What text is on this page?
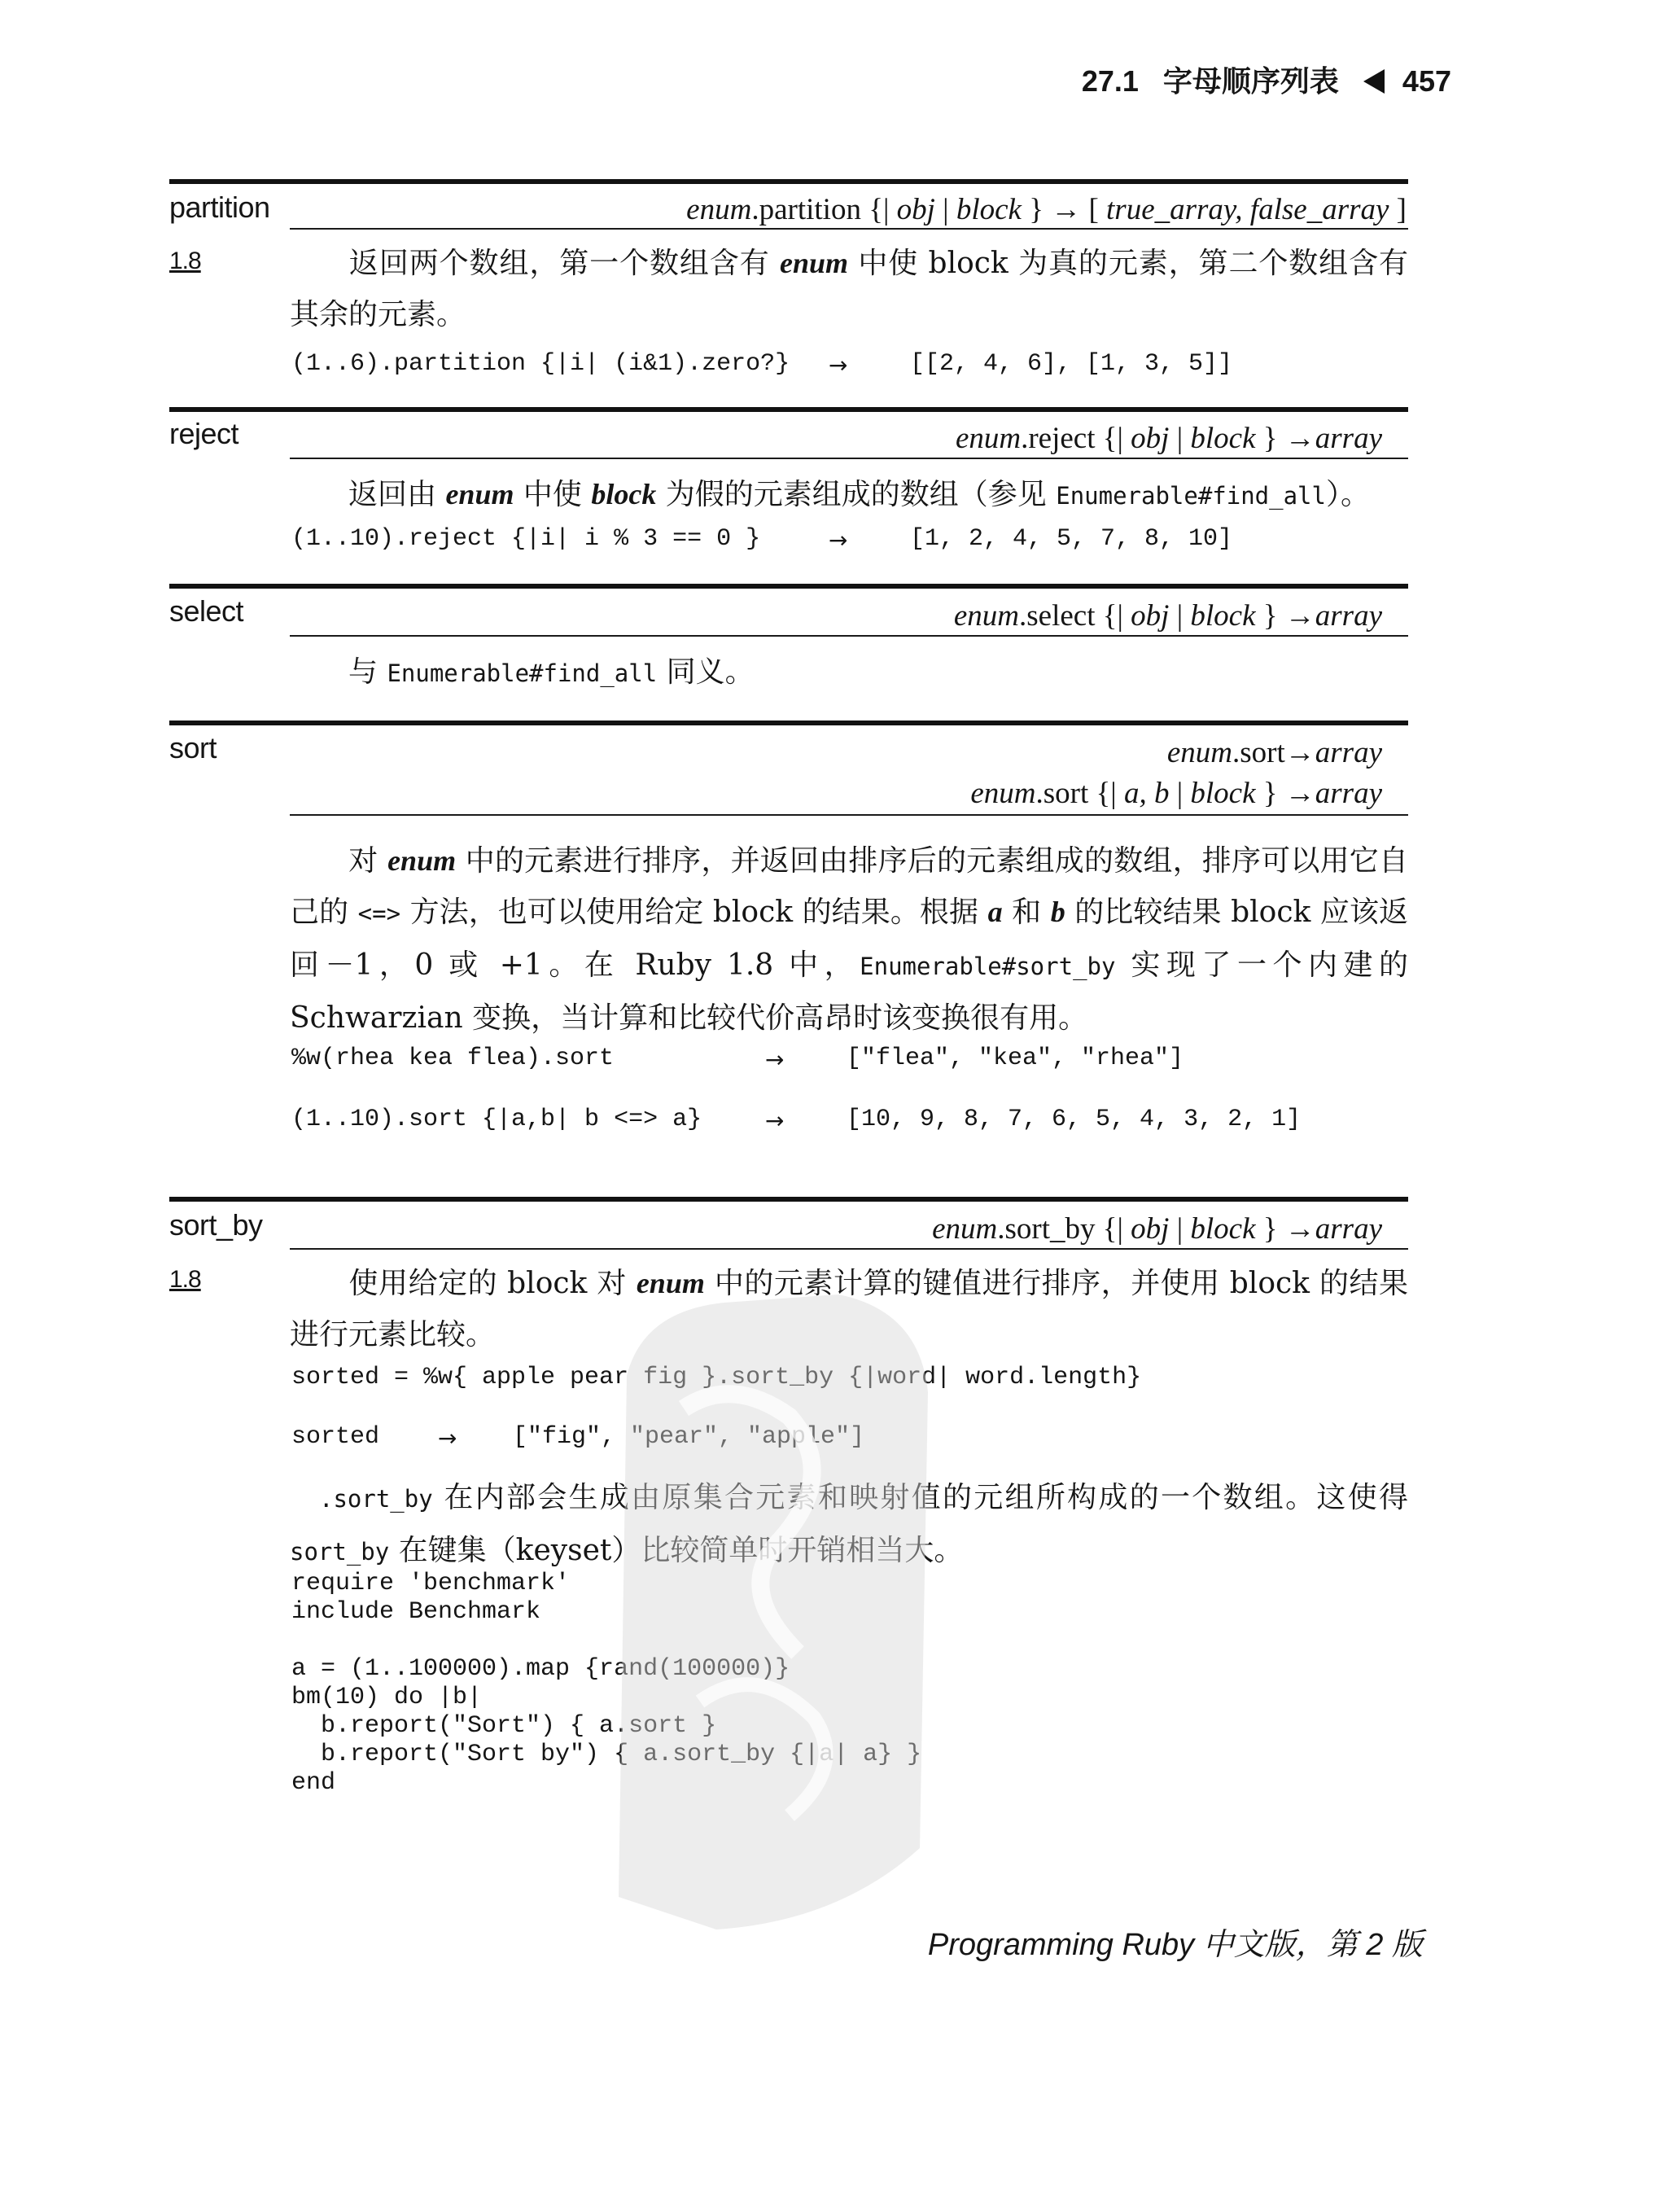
27.1 字母顺序列表 457
partition	enum.partition {| obj | block } → [ true_array, false_array ]
1.8	  返回两个数组，第一个数组含有 enum 中使 block 为真的元素，第二个数组含有其余的元素。
(1..6).partition {|i| (i&1).zero?} →	[[2, 4, 6], [1, 3, 5]]
reject	enum.reject {| obj | block } →array
  返回由 enum 中使 block 为假的元素组成的数组（参见 Enumerable#find_all）。
(1..10).reject {|i| i % 3 == 0 }	→	[1, 2, 4, 5, 7, 8, 10]
select	enum.select {| obj | block } →array
  与 Enumerable#find_all 同义。
sort	enum.sort→array
enum.sort {| a, b | block } →array
  对 enum 中的元素进行排序，并返回由排序后的元素组成的数组，排序可以用它自己的 <=> 方法，也可以使用给定 block 的结果。根据 a 和 b 的比较结果 block 应该返回－1，0 或 +1。在 Ruby 1.8 中，Enumerable#sort_by 实现了一个内建的 Schwarzian 变换，当计算和比较代价高昂时该变换很有用。
%w(rhea kea flea).sort	→	["flea", "kea", "rhea"]
(1..10).sort {|a,b| b <=> a}	→	[10, 9, 8, 7, 6, 5, 4, 3, 2, 1]
sort_by	enum.sort_by {| obj | block } →array
1.8	  使用给定的 block 对 enum 中的元素计算的键值进行排序，并使用 block 的结果进行元素比较。
sorted = %w{ apple pear fig }.sort_by {|word| word.length}
sorted	→ ["fig", "pear", "apple"]
 .sort_by 在内部会生成由原集合元素和映射值的元组所构成的一个数组。这使得 sort_by 在键集（keyset）比较简单时开销相当大。
require 'benchmark'
include Benchmark

a = (1..100000).map {rand(100000)}
bm(10) do |b|
b.report("Sort") { a.sort }
b.report("Sort by") { a.sort_by {|a| a} }
end
Programming Ruby 中文版，第 2 版
